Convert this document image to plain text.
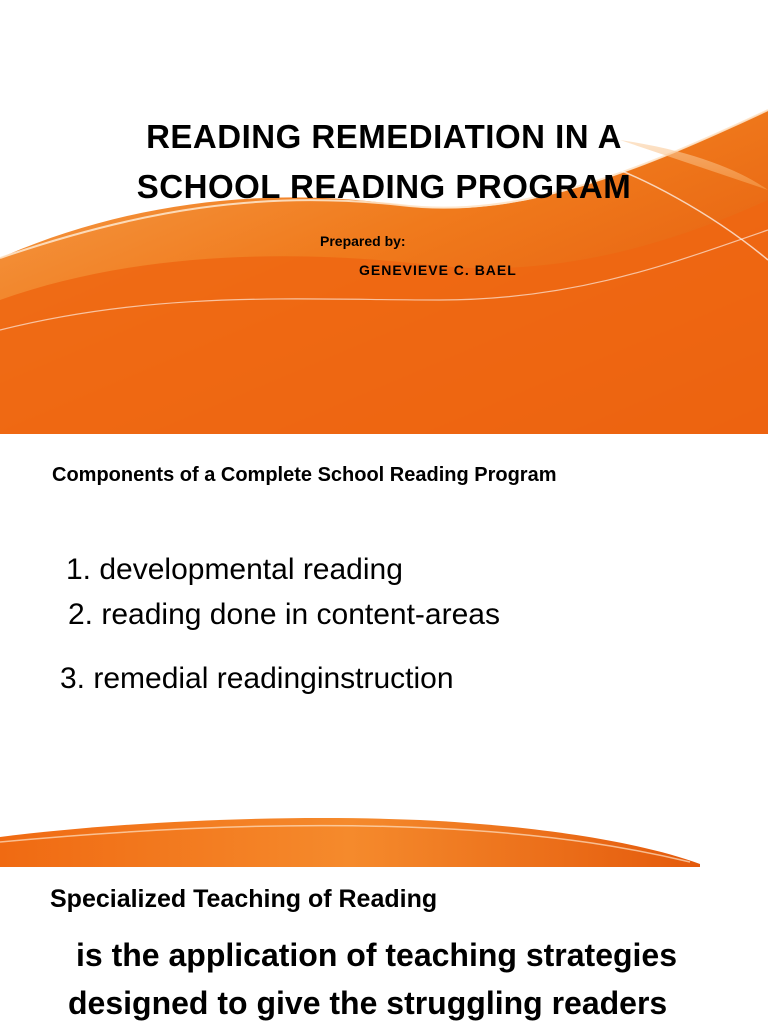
READING REMEDIATION IN A
SCHOOL READING PROGRAM
Prepared by:
GENEVIEVE C. BAEL
Components of a Complete School Reading Program
1. developmental reading
2. reading done in content-areas
3. remedial readinginstruction
Specialized Teaching of Reading
is the application of teaching strategies
designed to give the struggling readers
